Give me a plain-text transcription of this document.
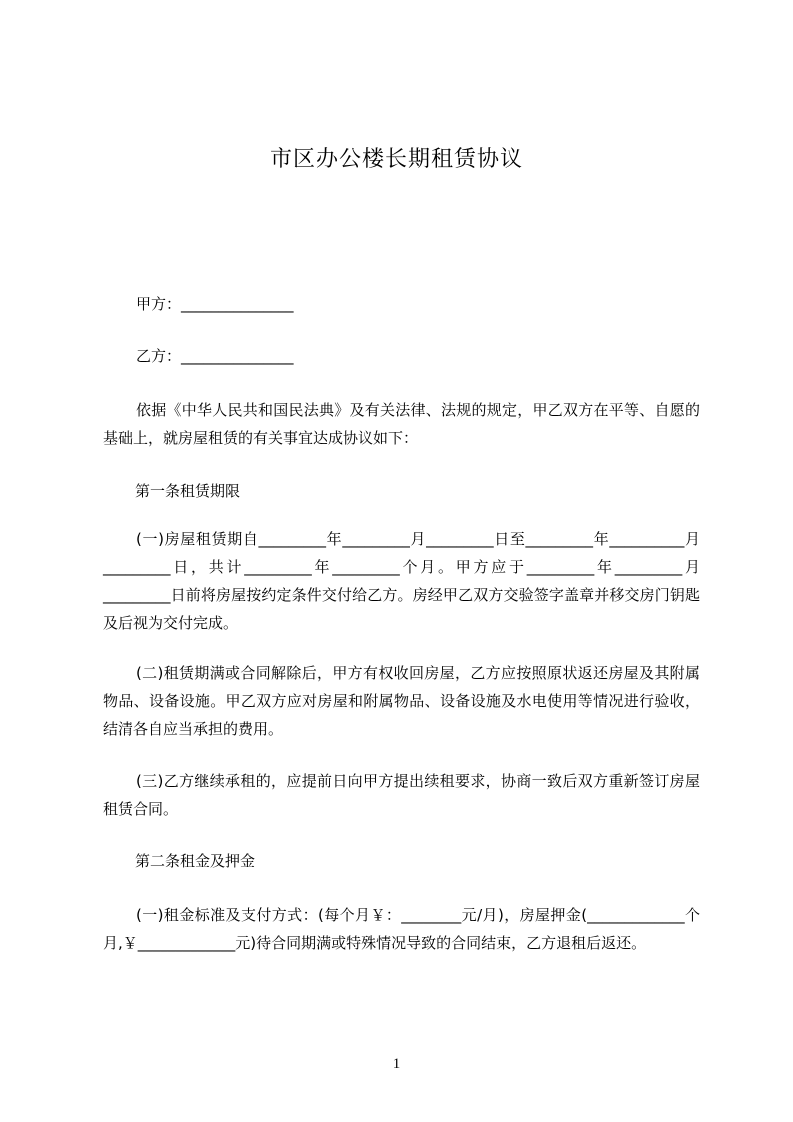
市区办公楼长期租赁协议
甲方：_______________
乙方：_______________
依据《中华人民共和国民法典》及有关法律、法规的规定，甲乙双方在平等、自愿的基础上，就房屋租赁的有关事宜达成协议如下：
第一条租赁期限
(一)房屋租赁期自_________年_________月_________日至_________年__________月_________日，共计_________年_________个月。甲方应于_________年_________月_________日前将房屋按约定条件交付给乙方。房经甲乙双方交验签字盖章并移交房门钥匙及后视为交付完成。
(二)租赁期满或合同解除后，甲方有权收回房屋，乙方应按照原状返还房屋及其附属物品、设备设施。甲乙双方应对房屋和附属物品、设备设施及水电使用等情况进行验收，结清各自应当承担的费用。
(三)乙方继续承租的，应提前日向甲方提出续租要求，协商一致后双方重新签订房屋租赁合同。
第二条租金及押金
(一)租金标准及支付方式：(每个月￥：________元/月)，房屋押金(_____________个月,￥_____________元)待合同期满或特殊情况导致的合同结束，乙方退租后返还。
1
